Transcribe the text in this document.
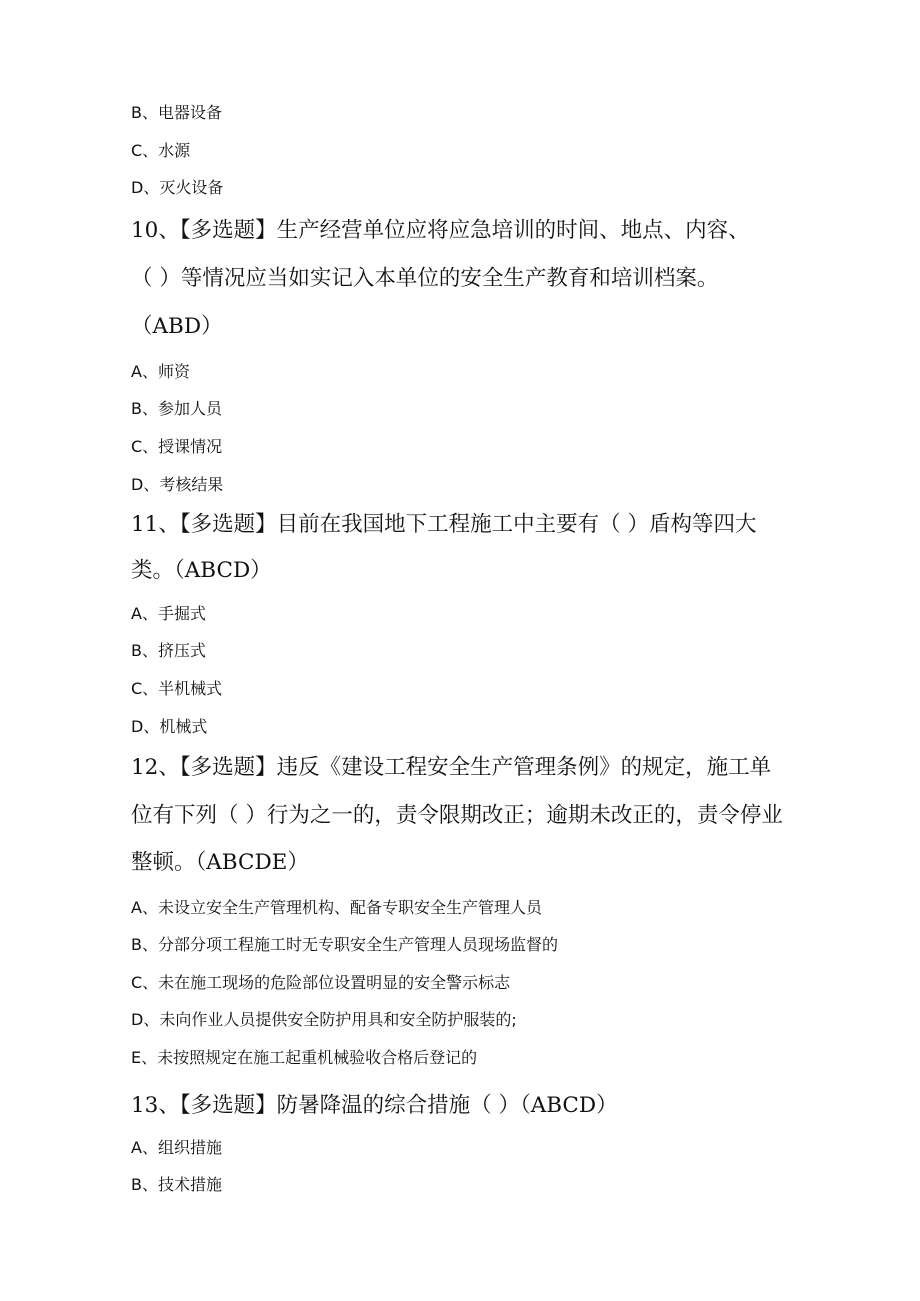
B、电器设备
C、水源
D、灭火设备
10、【多选题】生产经营单位应将应急培训的时间、地点、内容、
（ ）等情况应当如实记入本单位的安全生产教育和培训档案。
（ABD）
A、师资
B、参加人员
C、授课情况
D、考核结果
11、【多选题】目前在我国地下工程施工中主要有（ ）盾构等四大
类。（ABCD）
A、手掘式
B、挤压式
C、半机械式
D、机械式
12、【多选题】违反《建设工程安全生产管理条例》的规定，施工单
位有下列（ ）行为之一的，责令限期改正；逾期未改正的，责令停业
整顿。（ABCDE）
A、未设立安全生产管理机构、配备专职安全生产管理人员
B、分部分项工程施工时无专职安全生产管理人员现场监督的
C、未在施工现场的危险部位设置明显的安全警示标志
D、未向作业人员提供安全防护用具和安全防护服装的;
E、未按照规定在施工起重机械验收合格后登记的
13、【多选题】防暑降温的综合措施（ ）（ABCD）
A、组织措施
B、技术措施
